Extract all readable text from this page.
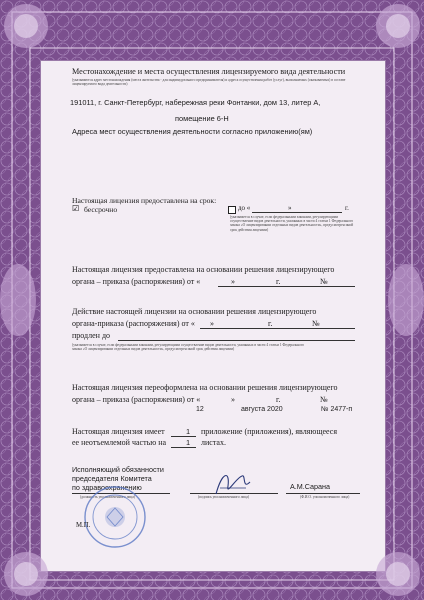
Местонахождение и места осуществления лицензируемого вида деятельности
(указываются адрес местонахождения (места жительства - для индивидуального предпринимателя) и адреса осуществления работ (услуг), выполняемых (оказываемых) в составе лицензируемого вида деятельности)
191011, г. Санкт-Петербург, набережная реки Фонтанки, дом 13, литер А,
помещение 6-Н
Адреса мест осуществления деятельности согласно приложению(ям)
Настоящая лицензия предоставлена на срок:
☑ бессрочно	до «	»	г.
(указывается в случае, если федеральными законами, регулирующими осуществление видов деятельности, указанных в части 4 статьи 1 Федерального закона «О лицензировании отдельных видов деятельности», предусмотрен иной срок действия лицензии)
Настоящая лицензия предоставлена на основании решения лицензирующего
органа – приказа (распоряжения) от «	»	г.	№
Действие настоящей лицензии на основании решения лицензирующего
органа-приказа (распоряжения) от « »	г.	№
продлен до
(указывается в случае, если федеральными законами, регулирующими осуществление видов деятельности, указанных в части 4 статьи 1 Федерального закона «О лицензировании отдельных видов деятельности», предусмотрен иной срок действия лицензии)
Настоящая лицензия переоформлена на основании решения лицензирующего
органа – приказа (распоряжения) от «	»	г.	№
12	августа 2020	№ 2477-п
Настоящая лицензия имеет	1 приложение (приложения), являющееся
ее неотъемлемой частью на	1 листах.
Исполняющий обязанности
председателя Комитета
по здравоохранению	А.М.Сарана
(должность уполномоченного лица)	(подпись уполномоченного лица)	(Ф.И.О. уполномоченного лица)
М.П.
